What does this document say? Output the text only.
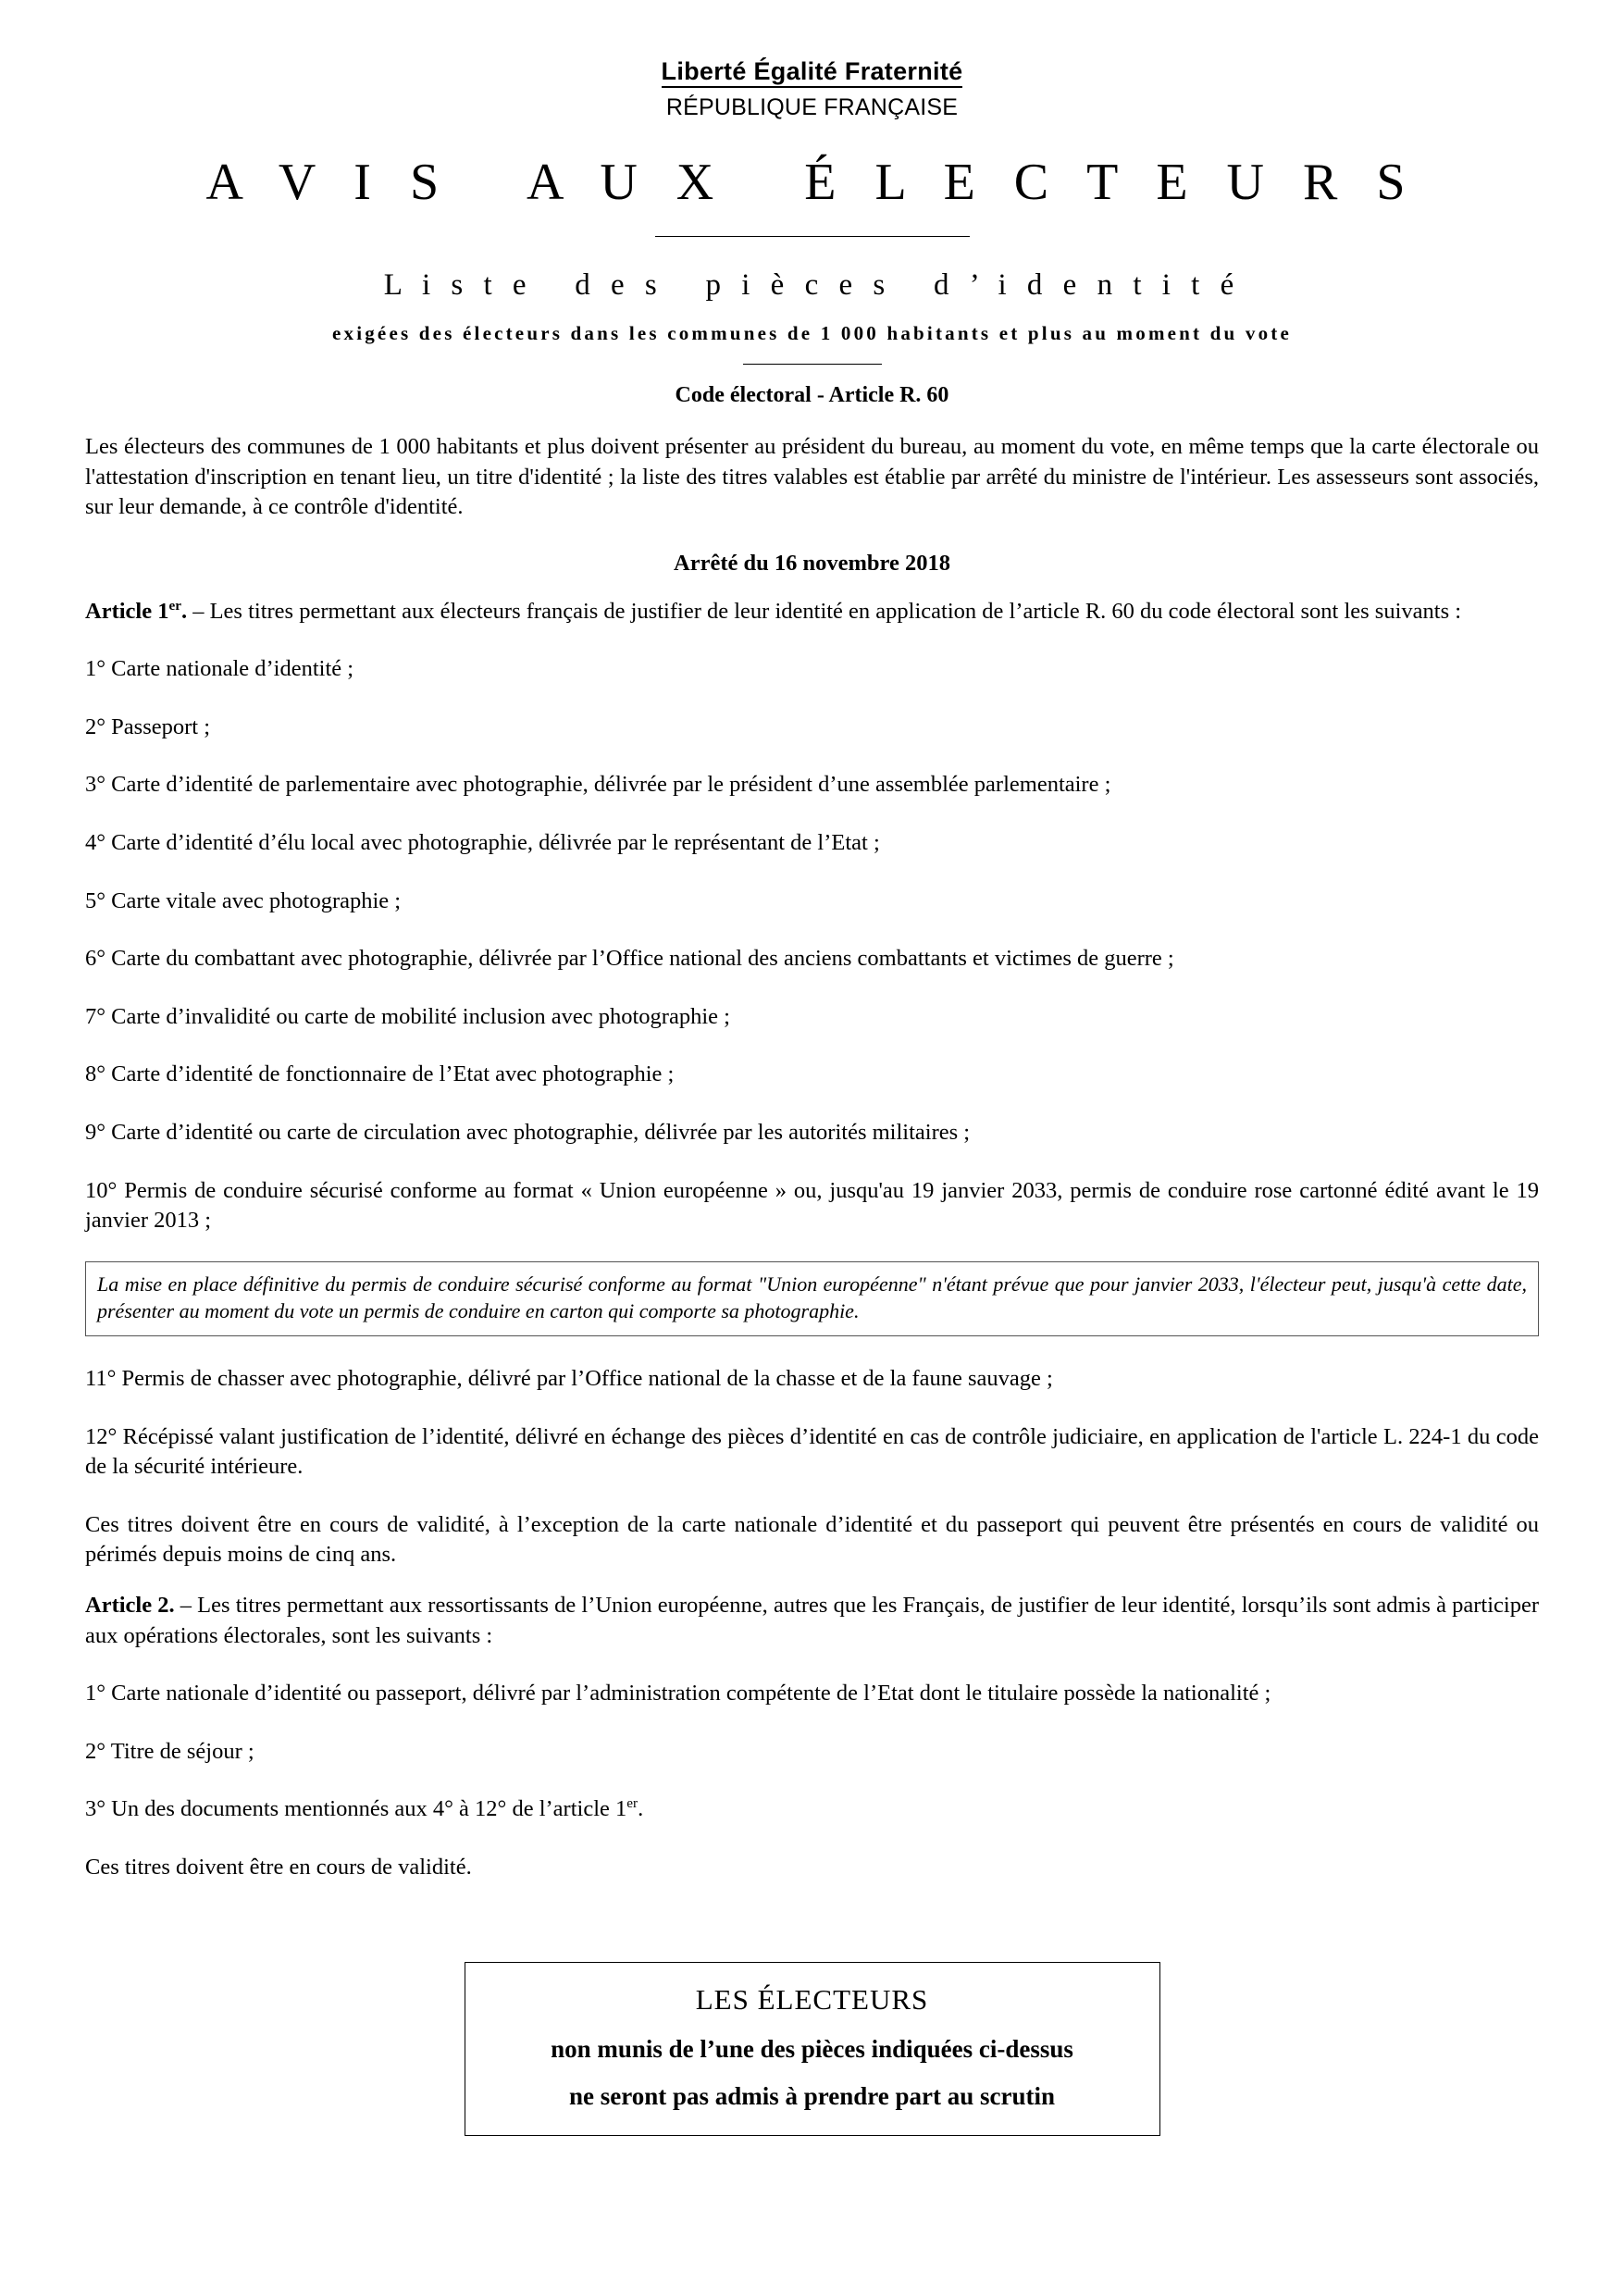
Liberté Égalité Fraternité
RÉPUBLIQUE FRANÇAISE
A V I S   A U X   É L E C T E U R S
L i s t e   d e s   p i è c e s   d ’ i d e n t i t é
exigées des électeurs dans les communes de 1 000 habitants et plus au moment du vote
Code électoral - Article R. 60

Les électeurs des communes de 1 000 habitants et plus doivent présenter au président du bureau, au moment du vote, en même temps que la carte électorale ou l'attestation d'inscription en tenant lieu, un titre d'identité ; la liste des titres valables est établie par arrêté du ministre de l'intérieur. Les assesseurs sont associés, sur leur demande, à ce contrôle d'identité.

Arrêté du 16 novembre 2018

Article 1er. – Les titres permettant aux électeurs français de justifier de leur identité en application de l’article R. 60 du code électoral sont les suivants :

1° Carte nationale d’identité ;

2° Passeport ;

3° Carte d’identité de parlementaire avec photographie, délivrée par le président d’une assemblée parlementaire ;

4° Carte d’identité d’élu local avec photographie, délivrée par le représentant de l’Etat ;

5° Carte vitale avec photographie ;

6° Carte du combattant avec photographie, délivrée par l’Office national des anciens combattants et victimes de guerre ;

7° Carte d’invalidité ou carte de mobilité inclusion avec photographie ;

8° Carte d’identité de fonctionnaire de l’Etat avec photographie ;

9° Carte d’identité ou carte de circulation avec photographie, délivrée par les autorités militaires ;

10° Permis de conduire sécurisé conforme au format « Union européenne » ou, jusqu'au 19 janvier 2033, permis de conduire rose cartonné édité avant le 19 janvier 2013 ;

La mise en place définitive du permis de conduire sécurisé conforme au format "Union européenne" n'étant prévue que pour janvier 2033, l'électeur peut, jusqu'à cette date, présenter au moment du vote un permis de conduire en carton qui comporte sa photographie.

11° Permis de chasser avec photographie, délivré par l’Office national de la chasse et de la faune sauvage ;

12° Récépissé valant justification de l’identité, délivré en échange des pièces d’identité en cas de contrôle judiciaire, en application de l'article L. 224-1 du code de la sécurité intérieure.

Ces titres doivent être en cours de validité, à l’exception de la carte nationale d’identité et du passeport qui peuvent être présentés en cours de validité ou périmés depuis moins de cinq ans.

Article 2. – Les titres permettant aux ressortissants de l’Union européenne, autres que les Français, de justifier de leur identité, lorsqu’ils sont admis à participer aux opérations électorales, sont les suivants :

1° Carte nationale d’identité ou passeport, délivré par l’administration compétente de l’Etat dont le titulaire possède la nationalité ;

2° Titre de séjour ;

3° Un des documents mentionnés aux 4° à 12° de l’article 1er.

Ces titres doivent être en cours de validité.

LES ÉLECTEURS
non munis de l’une des pièces indiquées ci-dessus
ne seront pas admis à prendre part au scrutin
